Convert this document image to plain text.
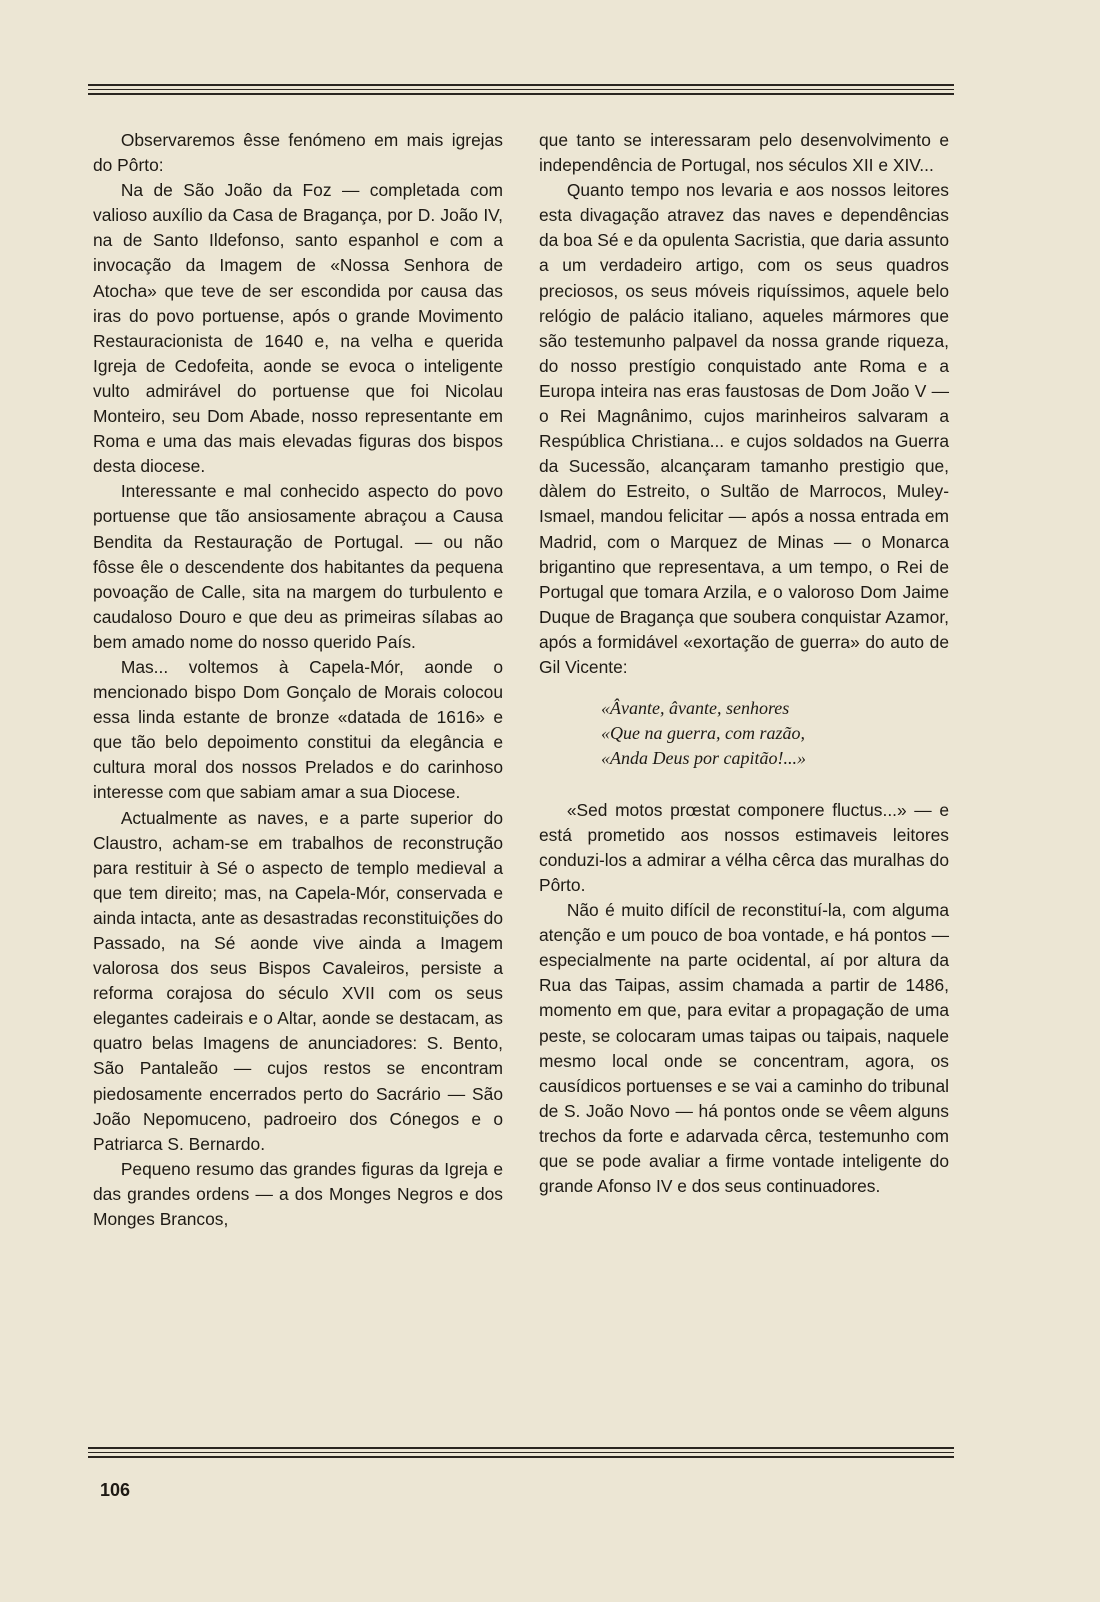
Observaremos êsse fenómeno em mais igrejas do Pôrto:

Na de São João da Foz — completada com valioso auxílio da Casa de Bragança, por D. João IV, na de Santo Ildefonso, santo espanhol e com a invocação da Imagem de «Nossa Senhora de Atocha» que teve de ser escondida por causa das iras do povo portuense, após o grande Movimento Restauracionista de 1640 e, na velha e querida Igreja de Cedofeita, aonde se evoca o inteligente vulto admirável do portuense que foi Nicolau Monteiro, seu Dom Abade, nosso representante em Roma e uma das mais elevadas figuras dos bispos desta diocese.

Interessante e mal conhecido aspecto do povo portuense que tão ansiosamente abraçou a Causa Bendita da Restauração de Portugal. — ou não fôsse êle o descendente dos habitantes da pequena povoação de Calle, sita na margem do turbulento e caudaloso Douro e que deu as primeiras sílabas ao bem amado nome do nosso querido País.

Mas... voltemos à Capela-Mór, aonde o mencionado bispo Dom Gonçalo de Morais colocou essa linda estante de bronze «datada de 1616» e que tão belo depoimento constitui da elegância e cultura moral dos nossos Prelados e do carinhoso interesse com que sabiam amar a sua Diocese.

Actualmente as naves, e a parte superior do Claustro, acham-se em trabalhos de reconstrução para restituir à Sé o aspecto de templo medieval a que tem direito; mas, na Capela-Mór, conservada e ainda intacta, ante as desastradas reconstituições do Passado, na Sé aonde vive ainda a Imagem valorosa dos seus Bispos Cavaleiros, persiste a reforma corajosa do século XVII com os seus elegantes cadeirais e o Altar, aonde se destacam, as quatro belas Imagens de anunciadores: S. Bento, São Pantaleão — cujos restos se encontram piedosamente encerrados perto do Sacrário — São João Nepomuceno, padroeiro dos Cónegos e o Patriarca S. Bernardo.

Pequeno resumo das grandes figuras da Igreja e das grandes ordens — a dos Monges Negros e dos Monges Brancos,

que tanto se interessaram pelo desenvolvimento e independência de Portugal, nos séculos XII e XIV...

Quanto tempo nos levaria e aos nossos leitores esta divagação atravez das naves e dependências da boa Sé e da opulenta Sacristia, que daria assunto a um verdadeiro artigo, com os seus quadros preciosos, os seus móveis riquíssimos, aquele belo relógio de palácio italiano, aqueles mármores que são testemunho palpavel da nossa grande riqueza, do nosso prestígio conquistado ante Roma e a Europa inteira nas eras faustosas de Dom João V — o Rei Magnânimo, cujos marinheiros salvaram a Respública Christiana... e cujos soldados na Guerra da Sucessão, alcançaram tamanho prestigio que, dàlem do Estreito, o Sultão de Marrocos, Muley-Ismael, mandou felicitar — após a nossa entrada em Madrid, com o Marquez de Minas — o Monarca brigantino que representava, a um tempo, o Rei de Portugal que tomara Arzila, e o valoroso Dom Jaime Duque de Bragança que soubera conquistar Azamor, após a formidável «exortação de guerra» do auto de Gil Vicente:

«Âvante, âvante, senhores
«Que na guerra, com razão,
«Anda Deus por capitão!...»

«Sed motos prœstat componere fluctus...» — e está prometido aos nossos estimaveis leitores conduzi-los a admirar a vélha cêrca das muralhas do Pôrto.

Não é muito difícil de reconstituí-la, com alguma atenção e um pouco de boa vontade, e há pontos — especialmente na parte ocidental, aí por altura da Rua das Taipas, assim chamada a partir de 1486, momento em que, para evitar a propagação de uma peste, se colocaram umas taipas ou taipais, naquele mesmo local onde se concentram, agora, os causídicos portuenses e se vai a caminho do tribunal de S. João Novo — há pontos onde se vêem alguns trechos da forte e adarvada cêrca, testemunho com que se pode avaliar a firme vontade inteligente do grande Afonso IV e dos seus continuadores.

106
